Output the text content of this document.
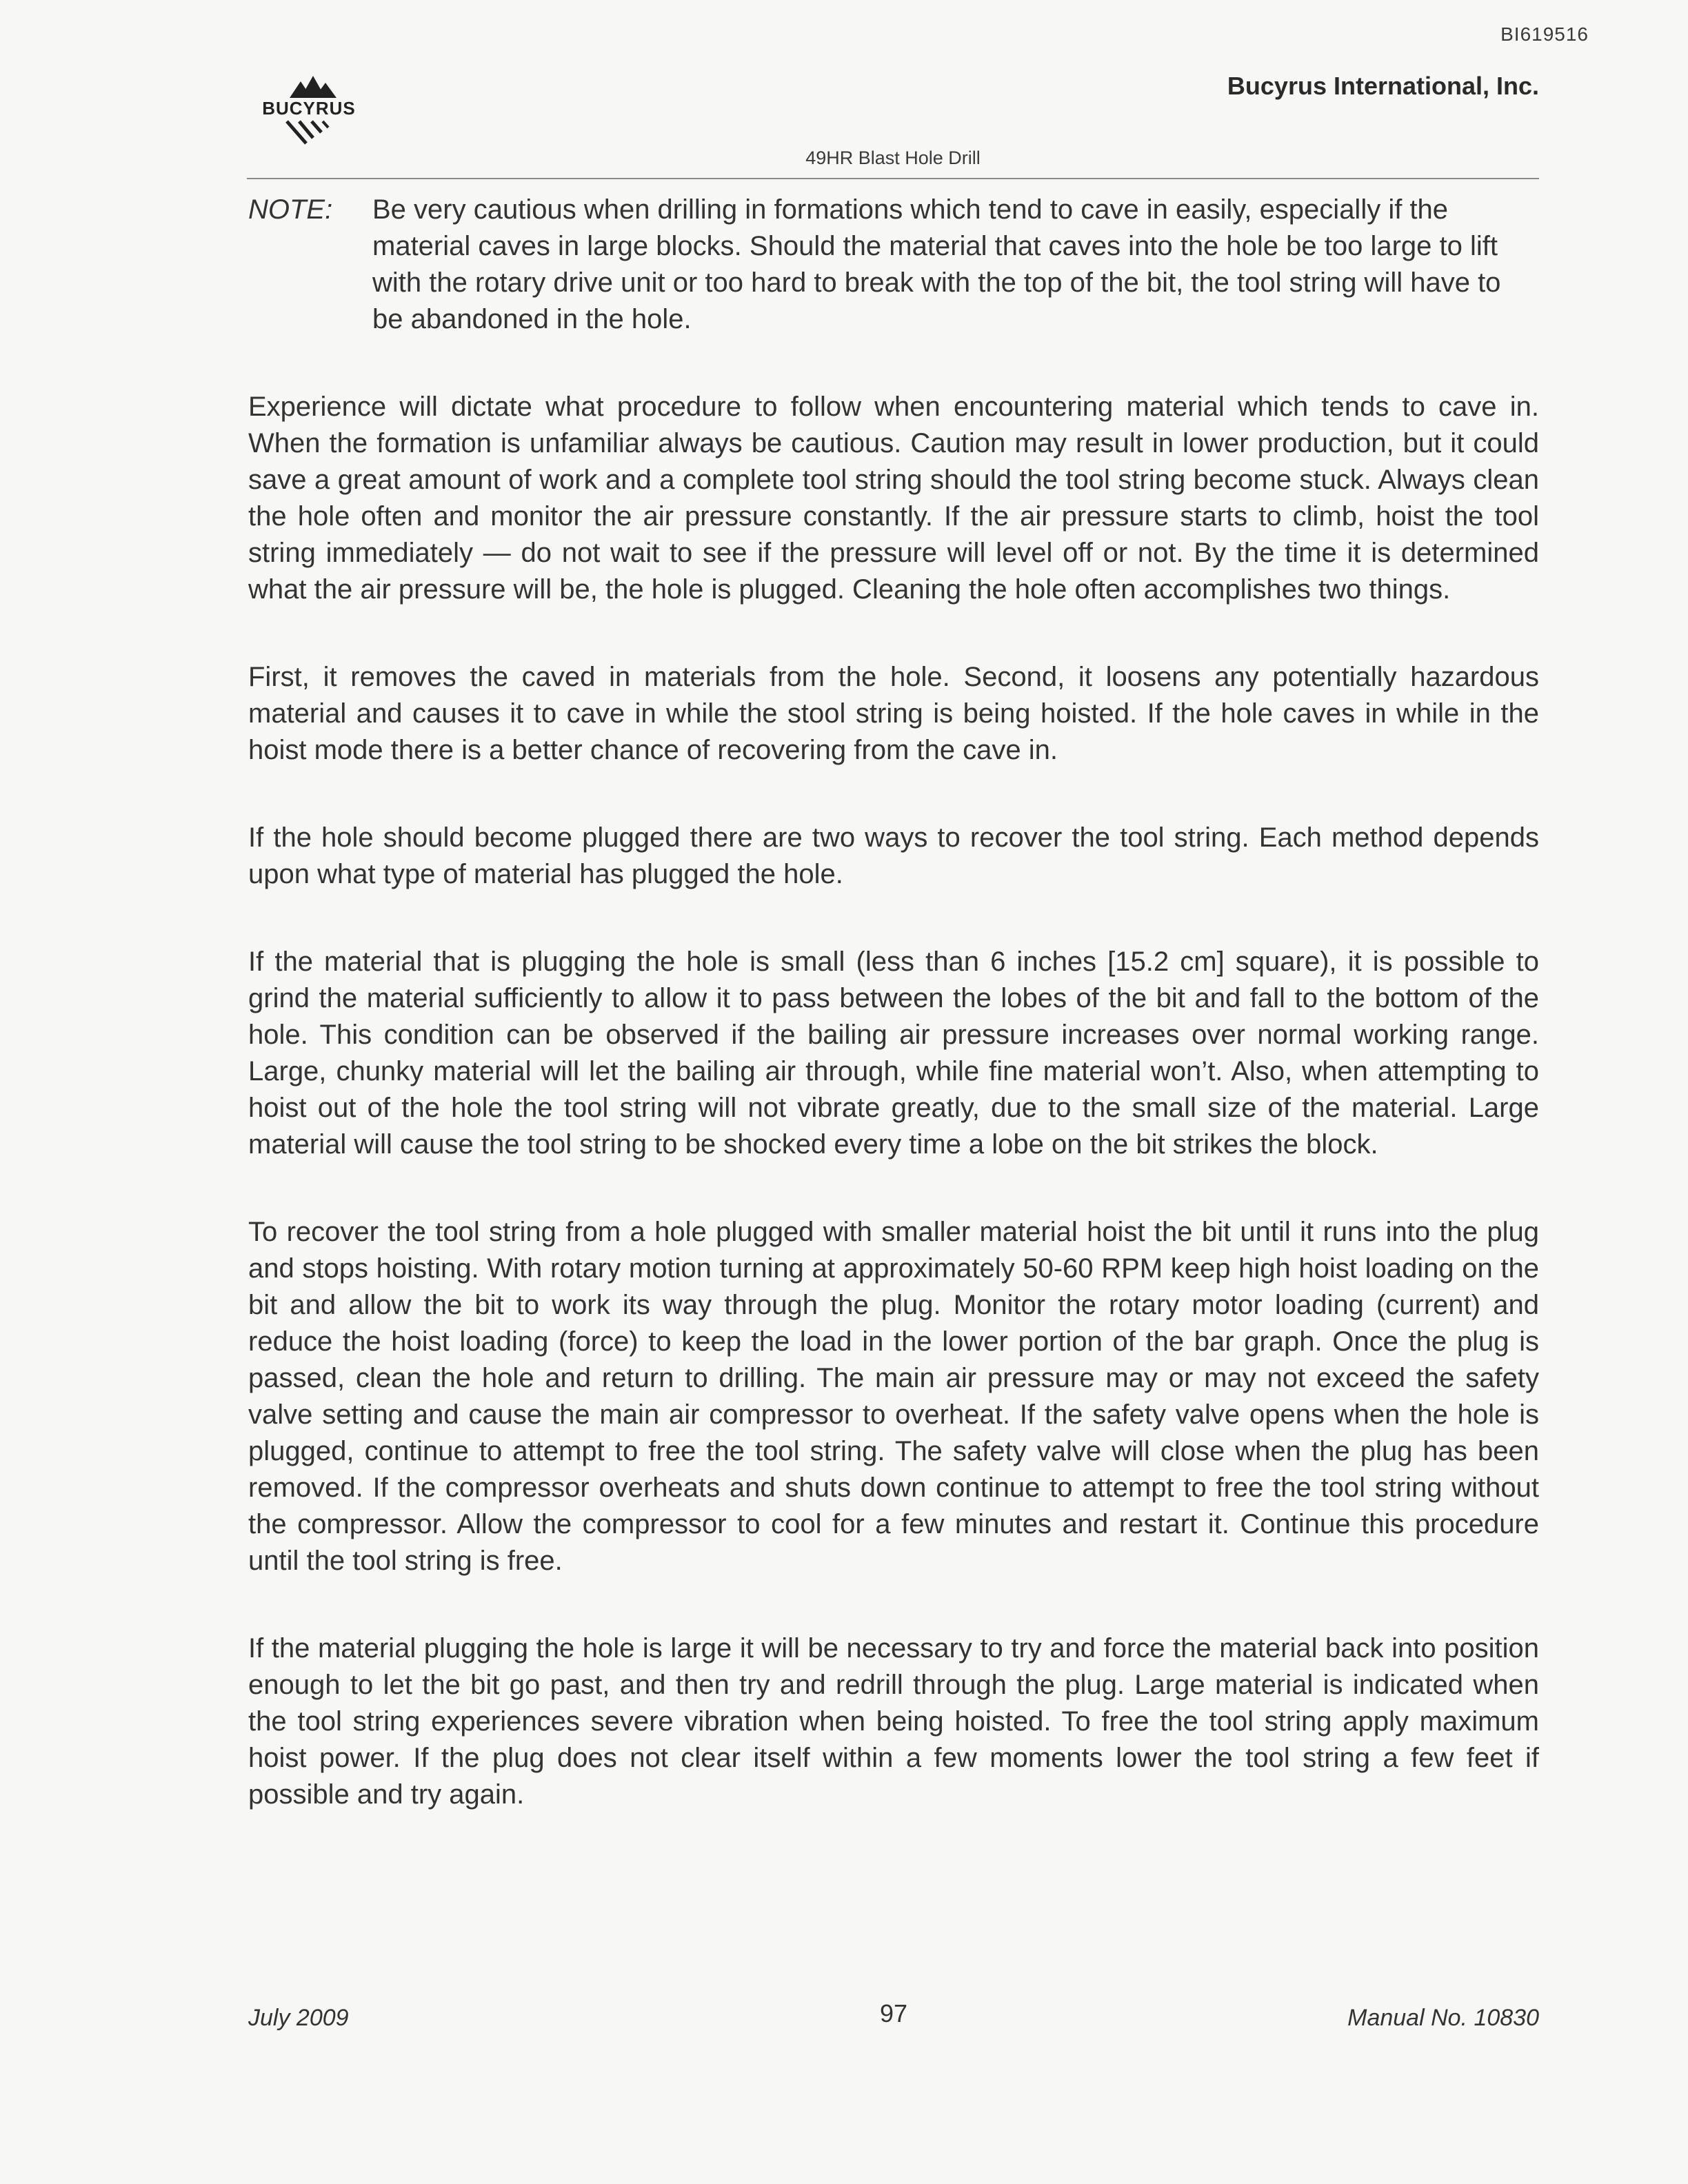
BI619516
BUCYRUS
Bucyrus International, Inc.
49HR Blast Hole Drill
NOTE:	Be very cautious when drilling in formations which tend to cave in easily, especially if the material caves in large blocks. Should the material that caves into the hole be too large to lift with the rotary drive unit or too hard to break with the top of the bit, the tool string will have to be abandoned in the hole.

Experience will dictate what procedure to follow when encountering material which tends to cave in. When the formation is unfamiliar always be cautious. Caution may result in lower production, but it could save a great amount of work and a complete tool string should the tool string become stuck. Always clean the hole often and monitor the air pressure constantly. If the air pressure starts to climb, hoist the tool string immediately — do not wait to see if the pressure will level off or not. By the time it is determined what the air pressure will be, the hole is plugged. Cleaning the hole often accomplishes two things.

First, it removes the caved in materials from the hole. Second, it loosens any potentially hazardous material and causes it to cave in while the stool string is being hoisted. If the hole caves in while in the hoist mode there is a better chance of recovering from the cave in.

If the hole should become plugged there are two ways to recover the tool string. Each method depends upon what type of material has plugged the hole.

If the material that is plugging the hole is small (less than 6 inches [15.2 cm] square), it is possible to grind the material sufficiently to allow it to pass between the lobes of the bit and fall to the bottom of the hole. This condition can be observed if the bailing air pressure increases over normal working range. Large, chunky material will let the bailing air through, while fine material won’t. Also, when attempting to hoist out of the hole the tool string will not vibrate greatly, due to the small size of the material. Large material will cause the tool string to be shocked every time a lobe on the bit strikes the block.

To recover the tool string from a hole plugged with smaller material hoist the bit until it runs into the plug and stops hoisting. With rotary motion turning at approximately 50-60 RPM keep high hoist loading on the bit and allow the bit to work its way through the plug. Monitor the rotary motor loading (current) and reduce the hoist loading (force) to keep the load in the lower portion of the bar graph. Once the plug is passed, clean the hole and return to drilling. The main air pressure may or may not exceed the safety valve setting and cause the main air compressor to overheat. If the safety valve opens when the hole is plugged, continue to attempt to free the tool string. The safety valve will close when the plug has been removed. If the compressor overheats and shuts down continue to attempt to free the tool string without the compressor. Allow the compressor to cool for a few minutes and restart it. Continue this procedure until the tool string is free.

If the material plugging the hole is large it will be necessary to try and force the material back into position enough to let the bit go past, and then try and redrill through the plug. Large material is indicated when the tool string experiences severe vibration when being hoisted. To free the tool string apply maximum hoist power. If the plug does not clear itself within a few moments lower the tool string a few feet if possible and try again.

July 2009	97	Manual No. 10830
